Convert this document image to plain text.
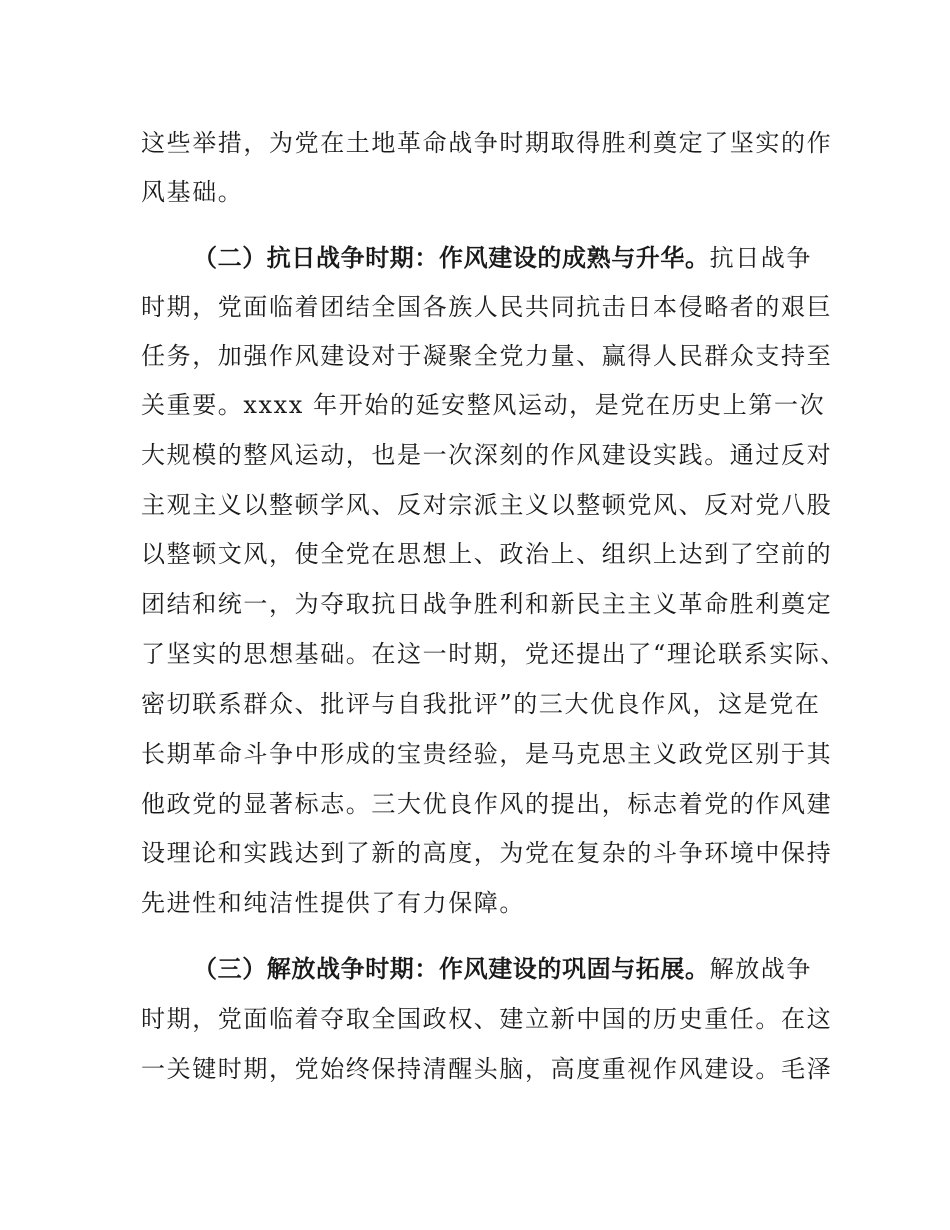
这些举措，为党在土地革命战争时期取得胜利奠定了坚实的作
风基础。
（二）抗日战争时期：作风建设的成熟与升华。抗日战争
时期，党面临着团结全国各族人民共同抗击日本侵略者的艰巨
任务，加强作风建设对于凝聚全党力量、赢得人民群众支持至
关重要。xxxx 年开始的延安整风运动，是党在历史上第一次
大规模的整风运动，也是一次深刻的作风建设实践。通过反对
主观主义以整顿学风、反对宗派主义以整顿党风、反对党八股
以整顿文风，使全党在思想上、政治上、组织上达到了空前的
团结和统一，为夺取抗日战争胜利和新民主主义革命胜利奠定
了坚实的思想基础。在这一时期，党还提出了“理论联系实际、
密切联系群众、批评与自我批评”的三大优良作风，这是党在
长期革命斗争中形成的宝贵经验，是马克思主义政党区别于其
他政党的显著标志。三大优良作风的提出，标志着党的作风建
设理论和实践达到了新的高度，为党在复杂的斗争环境中保持
先进性和纯洁性提供了有力保障。
（三）解放战争时期：作风建设的巩固与拓展。解放战争
时期，党面临着夺取全国政权、建立新中国的历史重任。在这
一关键时期，党始终保持清醒头脑，高度重视作风建设。毛泽
